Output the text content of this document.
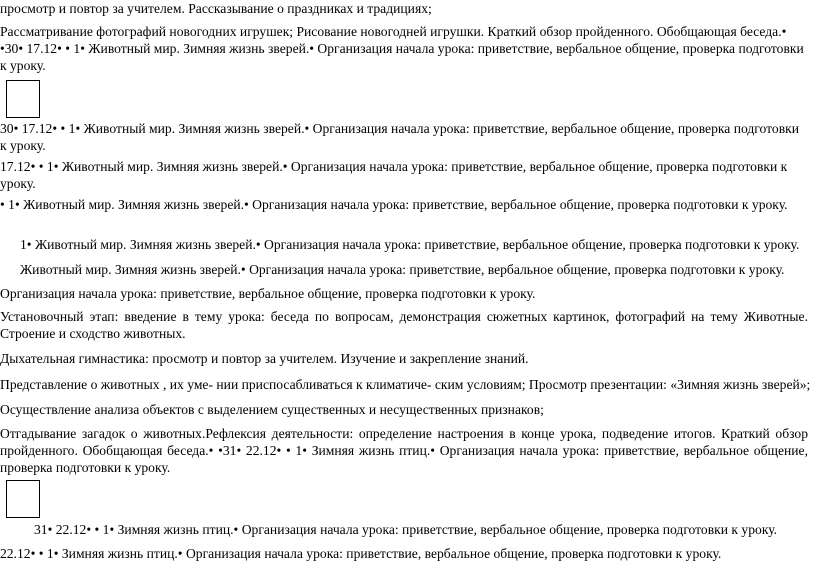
просмотр и повтор за учителем. Рассказывание о праздниках и традициях;
Рассматривание фотографий новогодних игрушек; Рисование новогодней игрушки. Краткий обзор пройденного. Обобщающая беседа.• •30• 17.12• • 1• Животный мир. Зимняя жизнь зверей.• Организация начала урока: приветствие, вербальное общение, проверка подготовки к уроку.
30• 17.12• • 1• Животный мир. Зимняя жизнь зверей.• Организация начала урока: приветствие, вербальное общение, проверка подготовки к уроку.
17.12• • 1• Животный мир. Зимняя жизнь зверей.• Организация начала урока: приветствие, вербальное общение, проверка подготовки к уроку.
• 1• Животный мир. Зимняя жизнь зверей.• Организация начала урока: приветствие, вербальное общение, проверка подготовки к уроку.
1• Животный мир. Зимняя жизнь зверей.• Организация начала урока: приветствие, вербальное общение, проверка подготовки к уроку.
Животный мир. Зимняя жизнь зверей.• Организация начала урока: приветствие, вербальное общение, проверка подготовки к уроку.
Организация начала урока: приветствие, вербальное общение, проверка подготовки к уроку.
Установочный этап: введение в тему урока: беседа по вопросам, демонстрация сюжетных картинок, фотографий на тему Животные. Строение и сходство животных.
Дыхательная гимнастика: просмотр и повтор за учителем. Изучение и закрепление знаний.
Представление о животных , их уме- нии приспосабливаться к климатиче- ским условиям; Просмотр презентации: «Зимняя жизнь зверей»;
Осуществление анализа объектов с выделением существенных и несущественных признаков;
Отгадывание загадок о животных.Рефлексия деятельности: определение настроения в конце урока, подведение итогов. Краткий обзор пройденного. Обобщающая беседа.• •31• 22.12• • 1• Зимняя жизнь птиц.• Организация начала урока: приветствие, вербальное общение, проверка подготовки к уроку.
31• 22.12• • 1• Зимняя жизнь птиц.• Организация начала урока: приветствие, вербальное общение, проверка подготовки к уроку.
22.12• • 1• Зимняя жизнь птиц.• Организация начала урока: приветствие, вербальное общение, проверка подготовки к уроку.
